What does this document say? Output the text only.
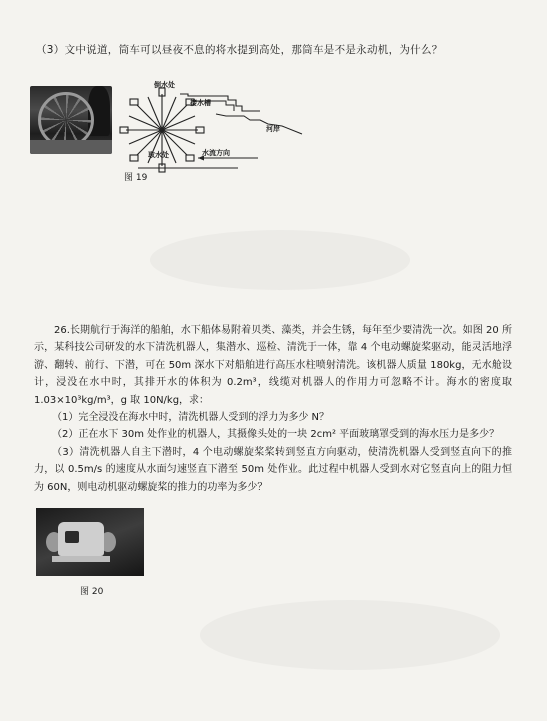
（3）文中说道，筒车可以昼夜不息的将水提到高处，那筒车是不是永动机，为什么？
倒水处
接水槽
河岸
取水处	水流方向
图 19

26.长期航行于海洋的船舶，水下船体易附着贝类、藻类，并会生锈，每年至少要清洗一次。如图 20 所示，某科技公司研发的水下清洗机器人，集潜水、巡检、清洗于一体，靠 4 个电动螺旋桨驱动，能灵活地浮游、翻转、前行、下潜，可在 50m 深水下对船舶进行高压水柱喷射清洗。该机器人质量 180kg，无水舱设计，浸没在水中时，其排开水的体积为 0.2m³，线缆对机器人的作用力可忽略不计。海水的密度取 1.03×10³kg/m³，g 取 10N/kg，求：

（1）完全浸没在海水中时，清洗机器人受到的浮力为多少 N？

（2）正在水下 30m 处作业的机器人，其摄像头处的一块 2cm² 平面玻璃罩受到的海水压力是多少？

（3）清洗机器人自主下潜时，4 个电动螺旋桨桨转到竖直方向驱动，使清洗机器人受到竖直向下的推力，以 0.5m/s 的速度从水面匀速竖直下潜至 50m 处作业。此过程中机器人受到水对它竖直向上的阻力恒为 60N，则电动机驱动螺旋桨的推力的功率为多少？

图 20
